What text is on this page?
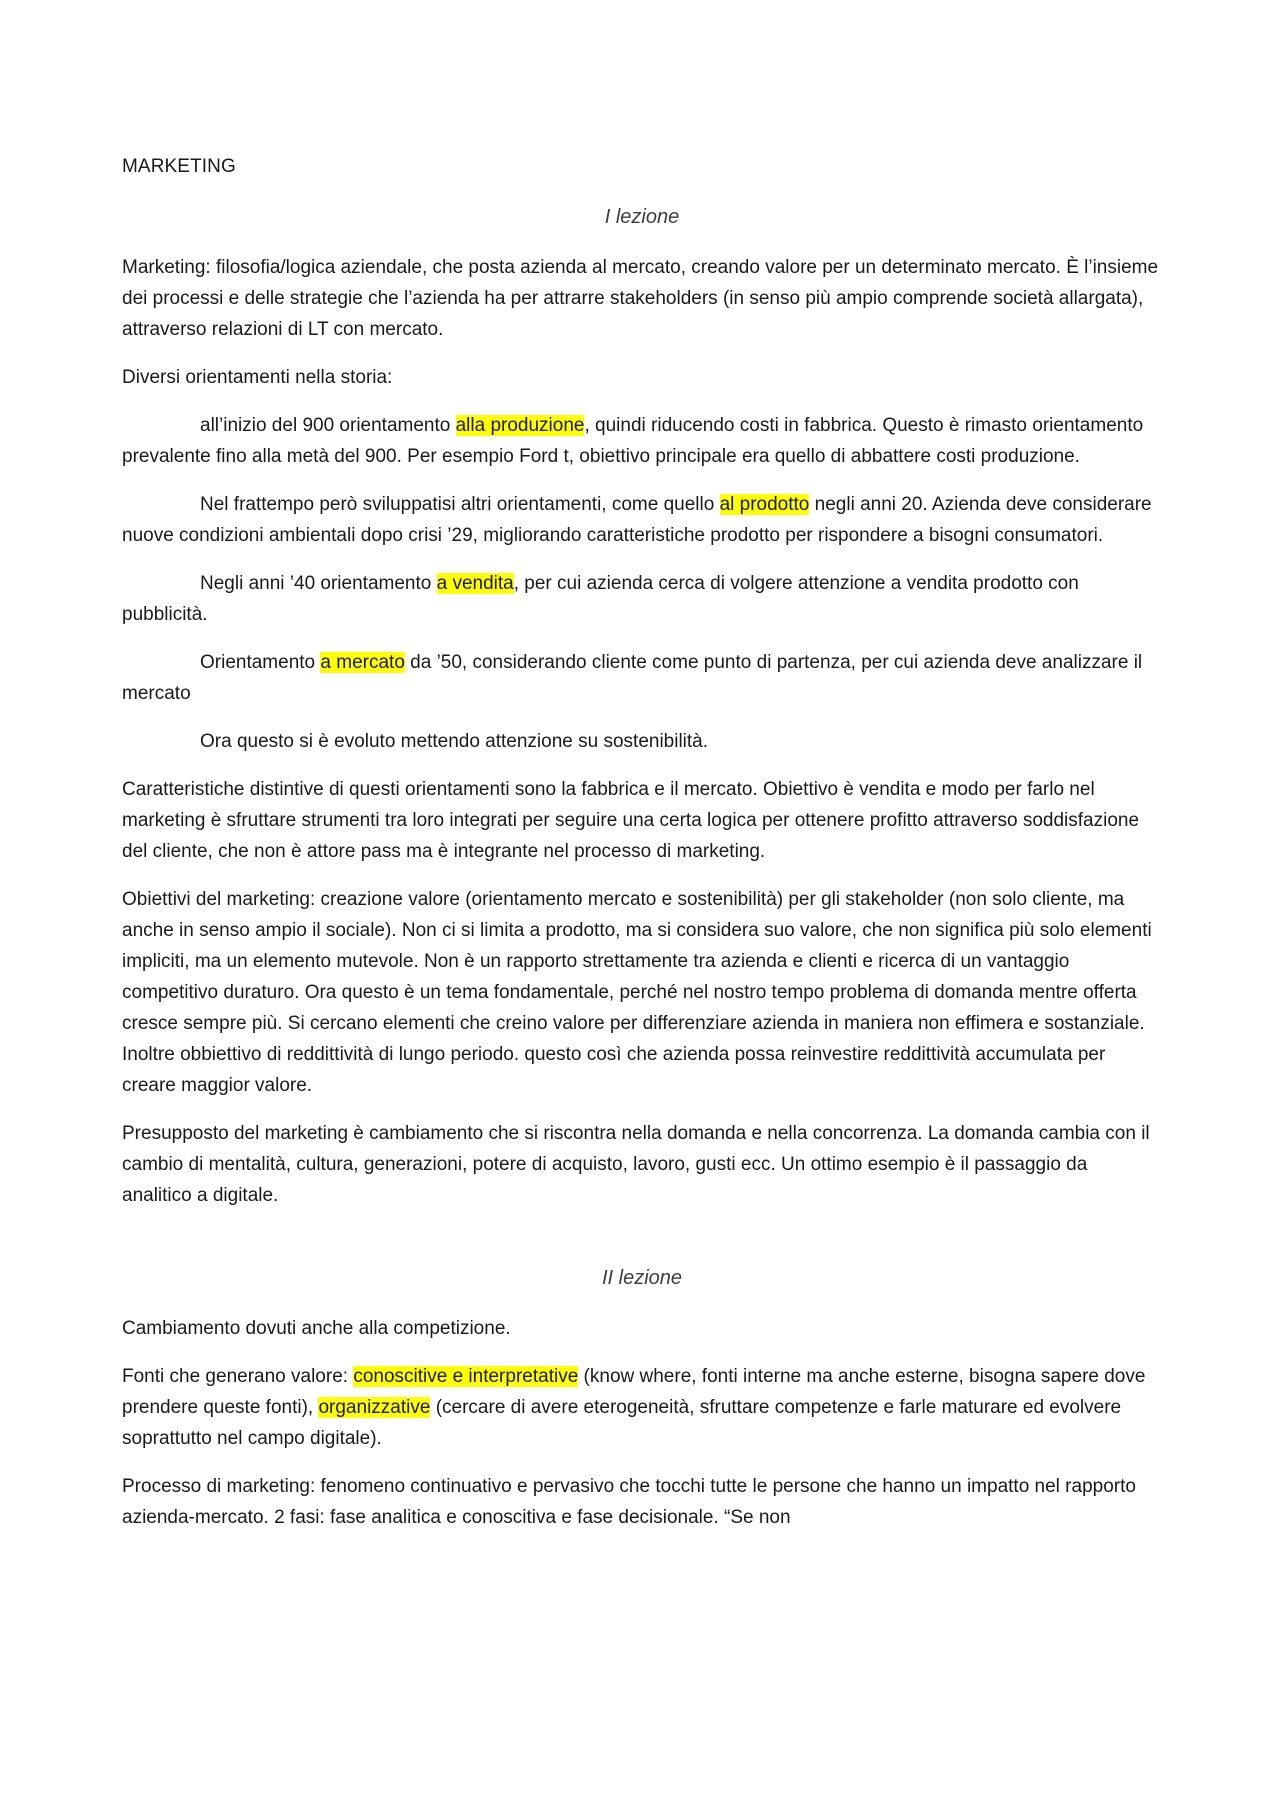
MARKETING
I lezione

Marketing: filosofia/logica aziendale, che posta azienda al mercato, creando valore per un determinato mercato. È l’insieme dei processi e delle strategie che l’azienda ha per attrarre stakeholders (in senso più ampio comprende società allargata), attraverso relazioni di LT con mercato.

Diversi orientamenti nella storia:

all’inizio del 900 orientamento alla produzione, quindi riducendo costi in fabbrica. Questo è rimasto orientamento prevalente fino alla metà del 900. Per esempio Ford t, obiettivo principale era quello di abbattere costi produzione.

Nel frattempo però sviluppatisi altri orientamenti, come quello al prodotto negli anni 20. Azienda deve considerare nuove condizioni ambientali dopo crisi ’29, migliorando caratteristiche prodotto per rispondere a bisogni consumatori.

Negli anni ’40 orientamento a vendita, per cui azienda cerca di volgere attenzione a vendita prodotto con pubblicità.

Orientamento a mercato da ’50, considerando cliente come punto di partenza, per cui azienda deve analizzare il mercato

Ora questo si è evoluto mettendo attenzione su sostenibilità.

Caratteristiche distintive di questi orientamenti sono la fabbrica e il mercato. Obiettivo è vendita e modo per farlo nel marketing è sfruttare strumenti tra loro integrati per seguire una certa logica per ottenere profitto attraverso soddisfazione del cliente, che non è attore pass ma è integrante nel processo di marketing.

Obiettivi del marketing: creazione valore (orientamento mercato e sostenibilità) per gli stakeholder (non solo cliente, ma anche in senso ampio il sociale). Non ci si limita a prodotto, ma si considera suo valore, che non significa più solo elementi impliciti, ma un elemento mutevole. Non è un rapporto strettamente tra azienda e clienti e ricerca di un vantaggio competitivo duraturo. Ora questo è un tema fondamentale, perché nel nostro tempo problema di domanda mentre offerta cresce sempre più. Si cercano elementi che creino valore per differenziare azienda in maniera non effimera e sostanziale. Inoltre obbiettivo di reddittività di lungo periodo. questo così che azienda possa reinvestire reddittività accumulata per creare maggior valore.

Presupposto del marketing è cambiamento che si riscontra nella domanda e nella concorrenza. La domanda cambia con il cambio di mentalità, cultura, generazioni, potere di acquisto, lavoro, gusti ecc. Un ottimo esempio è il passaggio da analitico a digitale.

II lezione

Cambiamento dovuti anche alla competizione.

Fonti che generano valore: conoscitive e interpretative (know where, fonti interne ma anche esterne, bisogna sapere dove prendere queste fonti), organizzative (cercare di avere eterogeneità, sfruttare competenze e farle maturare ed evolvere soprattutto nel campo digitale).

Processo di marketing: fenomeno continuativo e pervasivo che tocchi tutte le persone che hanno un impatto nel rapporto azienda-mercato. 2 fasi: fase analitica e conoscitiva e fase decisionale. “Se non
